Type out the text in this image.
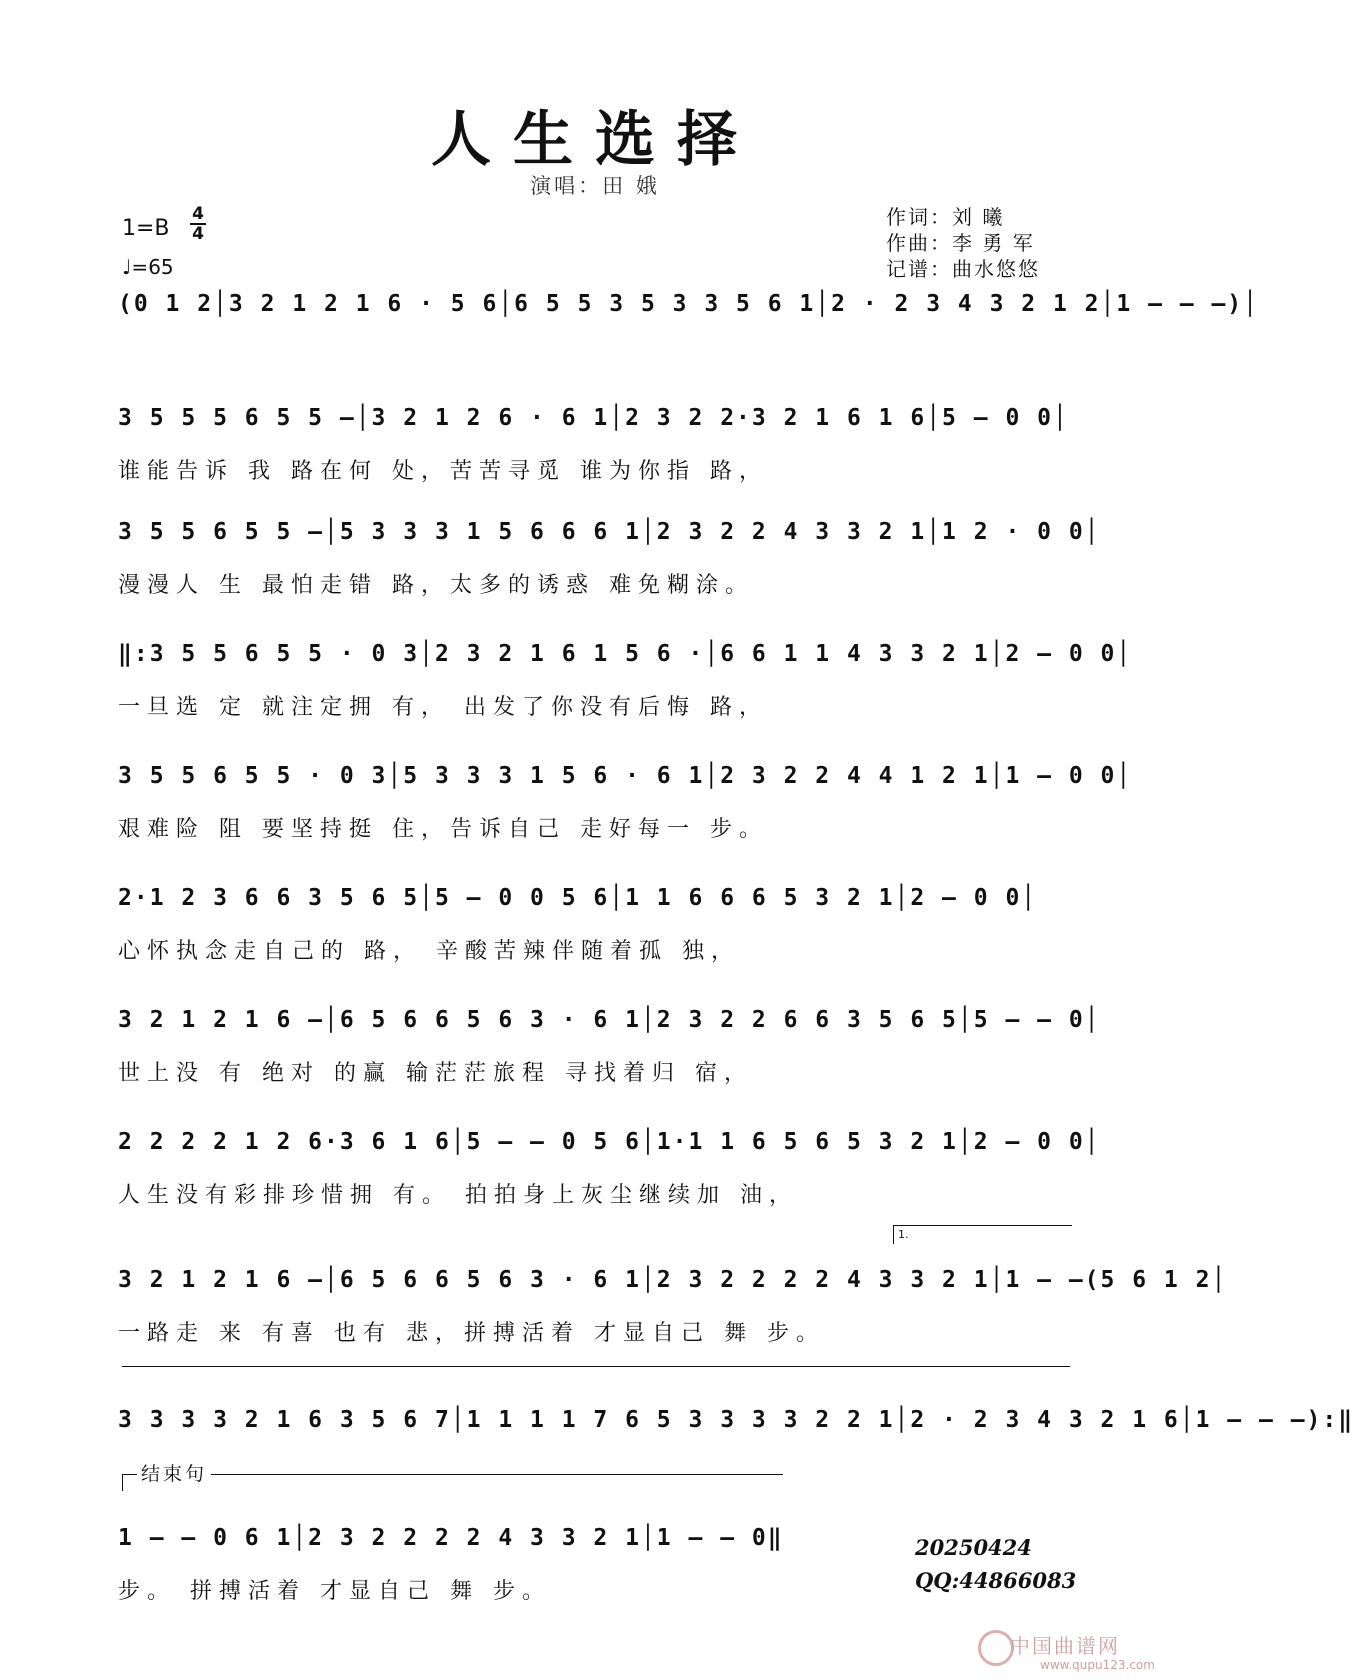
人生选择
演唱：田 娥
1=B
4
4
♩=65
作词：刘 曦
作曲：李 勇 军
记谱：曲水悠悠
(0 1 2│3 2 1 2 1 6 · 5 6│6 5 5 3 5 3 3 5 6 1│2 · 2 3 4 3 2 1 2│1 – – –)│
3 5 5 5 6 5 5 –│3 2 1 2 6 · 6 1│2 3 2 2·3 2 1 6 1 6│5 – 0 0│
谁能告诉 我 路在何 处，苦苦寻觅 谁为你指 路，
3 5 5 6 5 5 –│5 3 3 3 1 5 6 6 6 1│2 3 2 2 4 3 3 2 1│1 2 · 0 0│
漫漫人 生 最怕走错 路，太多的诱惑 难免糊涂。
‖:3 5 5 6 5 5 · 0 3│2 3 2 1 6 1 5 6 ·│6 6 1 1 4 3 3 2 1│2 – 0 0│
一旦选 定 就注定拥 有， 出发了你没有后悔 路，
3 5 5 6 5 5 · 0 3│5 3 3 3 1 5 6 · 6 1│2 3 2 2 4 4 1 2 1│1 – 0 0│
艰难险 阻 要坚持挺 住，告诉自己 走好每一 步。
2·1 2 3 6 6 3 5 6 5│5 – 0 0 5 6│1 1 6 6 6 5 3 2 1│2 – 0 0│
心怀执念走自己的 路， 辛酸苦辣伴随着孤 独，
3 2 1 2 1 6 –│6 5 6 6 5 6 3 · 6 1│2 3 2 2 6 6 3 5 6 5│5 – – 0│
世上没 有 绝对 的赢 输茫茫旅程 寻找着归 宿，
2 2 2 2 1 2 6·3 6 1 6│5 – – 0 5 6│1·1 1 6 5 6 5 3 2 1│2 – 0 0│
人生没有彩排珍惜拥 有。 拍拍身上灰尘继续加 油，
1.
3 2 1 2 1 6 –│6 5 6 6 5 6 3 · 6 1│2 3 2 2 2 2 4 3 3 2 1│1 – –(5 6 1 2│
一路走 来 有喜 也有 悲，拼搏活着 才显自己 舞 步。
3 3 3 3 2 1 6 3 5 6 7│1 1 1 1 7 6 5 3 3 3 3 2 2 1│2 · 2 3 4 3 2 1 6│1 – – –):‖
结束句
1 – – 0 6 1│2 3 2 2 2 2 4 3 3 2 1│1 – – 0‖
步。 拼搏活着 才显自己 舞 步。
20250424
QQ:44866083
中国曲谱网
www.qupu123.com
